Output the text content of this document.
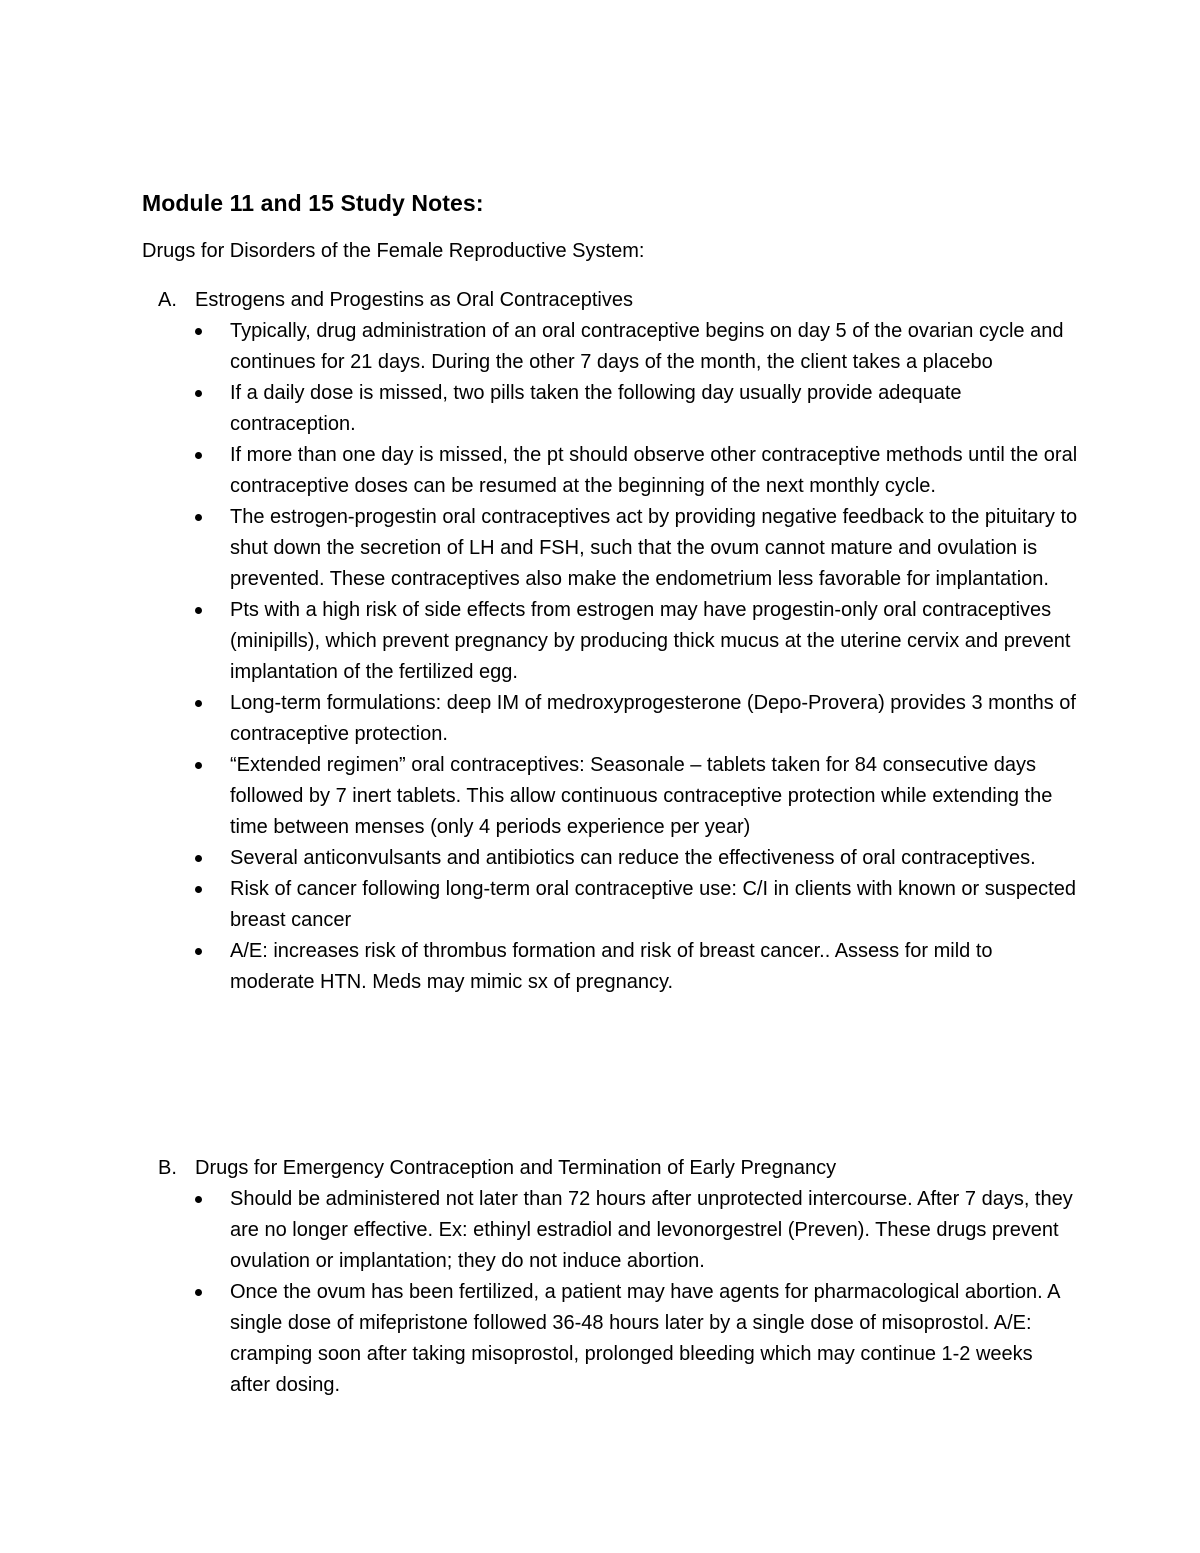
Module 11 and 15 Study Notes:

Drugs for Disorders of the Female Reproductive System:

A. Estrogens and Progestins as Oral Contraceptives
Typically, drug administration of an oral contraceptive begins on day 5 of the ovarian cycle and continues for 21 days. During the other 7 days of the month, the client takes a placebo
If a daily dose is missed, two pills taken the following day usually provide adequate contraception.
If more than one day is missed, the pt should observe other contraceptive methods until the oral contraceptive doses can be resumed at the beginning of the next monthly cycle.
The estrogen-progestin oral contraceptives act by providing negative feedback to the pituitary to shut down the secretion of LH and FSH, such that the ovum cannot mature and ovulation is prevented. These contraceptives also make the endometrium less favorable for implantation.
Pts with a high risk of side effects from estrogen may have progestin-only oral contraceptives (minipills), which prevent pregnancy by producing thick mucus at the uterine cervix and prevent implantation of the fertilized egg.
Long-term formulations: deep IM of medroxyprogesterone (Depo-Provera) provides 3 months of contraceptive protection.
“Extended regimen” oral contraceptives: Seasonale – tablets taken for 84 consecutive days followed by 7 inert tablets. This allow continuous contraceptive protection while extending the time between menses (only 4 periods experience per year)
Several anticonvulsants and antibiotics can reduce the effectiveness of oral contraceptives.
Risk of cancer following long-term oral contraceptive use: C/I in clients with known or suspected breast cancer
A/E: increases risk of thrombus formation and risk of breast cancer.. Assess for mild to moderate HTN. Meds may mimic sx of pregnancy.
B. Drugs for Emergency Contraception and Termination of Early Pregnancy
Should be administered not later than 72 hours after unprotected intercourse. After 7 days, they are no longer effective. Ex: ethinyl estradiol and levonorgestrel (Preven). These drugs prevent ovulation or implantation; they do not induce abortion.
Once the ovum has been fertilized, a patient may have agents for pharmacological abortion. A single dose of mifepristone followed 36-48 hours later by a single dose of misoprostol. A/E: cramping soon after taking misoprostol, prolonged bleeding which may continue 1-2 weeks after dosing.
